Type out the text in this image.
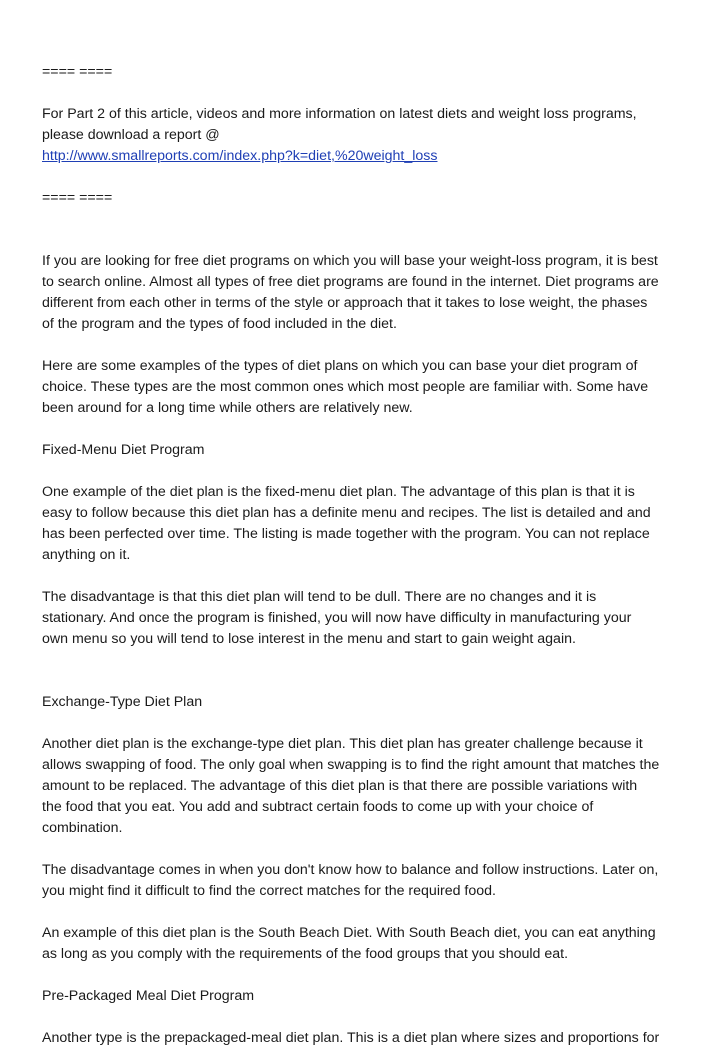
==== ====

For Part 2 of this article, videos and more information on latest diets and weight loss programs,
please download a report @
http://www.smallreports.com/index.php?k=diet,%20weight_loss

==== ====

If you are looking for free diet programs on which you will base your weight-loss program, it is best
to search online. Almost all types of free diet programs are found in the internet. Diet programs are
different from each other in terms of the style or approach that it takes to lose weight, the phases
of the program and the types of food included in the diet.

Here are some examples of the types of diet plans on which you can base your diet program of
choice. These types are the most common ones which most people are familiar with. Some have
been around for a long time while others are relatively new.

Fixed-Menu Diet Program

One example of the diet plan is the fixed-menu diet plan. The advantage of this plan is that it is
easy to follow because this diet plan has a definite menu and recipes. The list is detailed and and
has been perfected over time. The listing is made together with the program. You can not replace
anything on it.

The disadvantage is that this diet plan will tend to be dull. There are no changes and it is
stationary. And once the program is finished, you will now have difficulty in manufacturing your
own menu so you will tend to lose interest in the menu and start to gain weight again.

Exchange-Type Diet Plan

Another diet plan is the exchange-type diet plan. This diet plan has greater challenge because it
allows swapping of food. The only goal when swapping is to find the right amount that matches the
amount to be replaced. The advantage of this diet plan is that there are possible variations with
the food that you eat. You add and subtract certain foods to come up with your choice of
combination.

The disadvantage comes in when you don't know how to balance and follow instructions. Later on,
you might find it difficult to find the correct matches for the required food.

An example of this diet plan is the South Beach Diet. With South Beach diet, you can eat anything
as long as you comply with the requirements of the food groups that you should eat.

Pre-Packaged Meal Diet Program

Another type is the prepackaged-meal diet plan. This is a diet plan where sizes and proportions for
